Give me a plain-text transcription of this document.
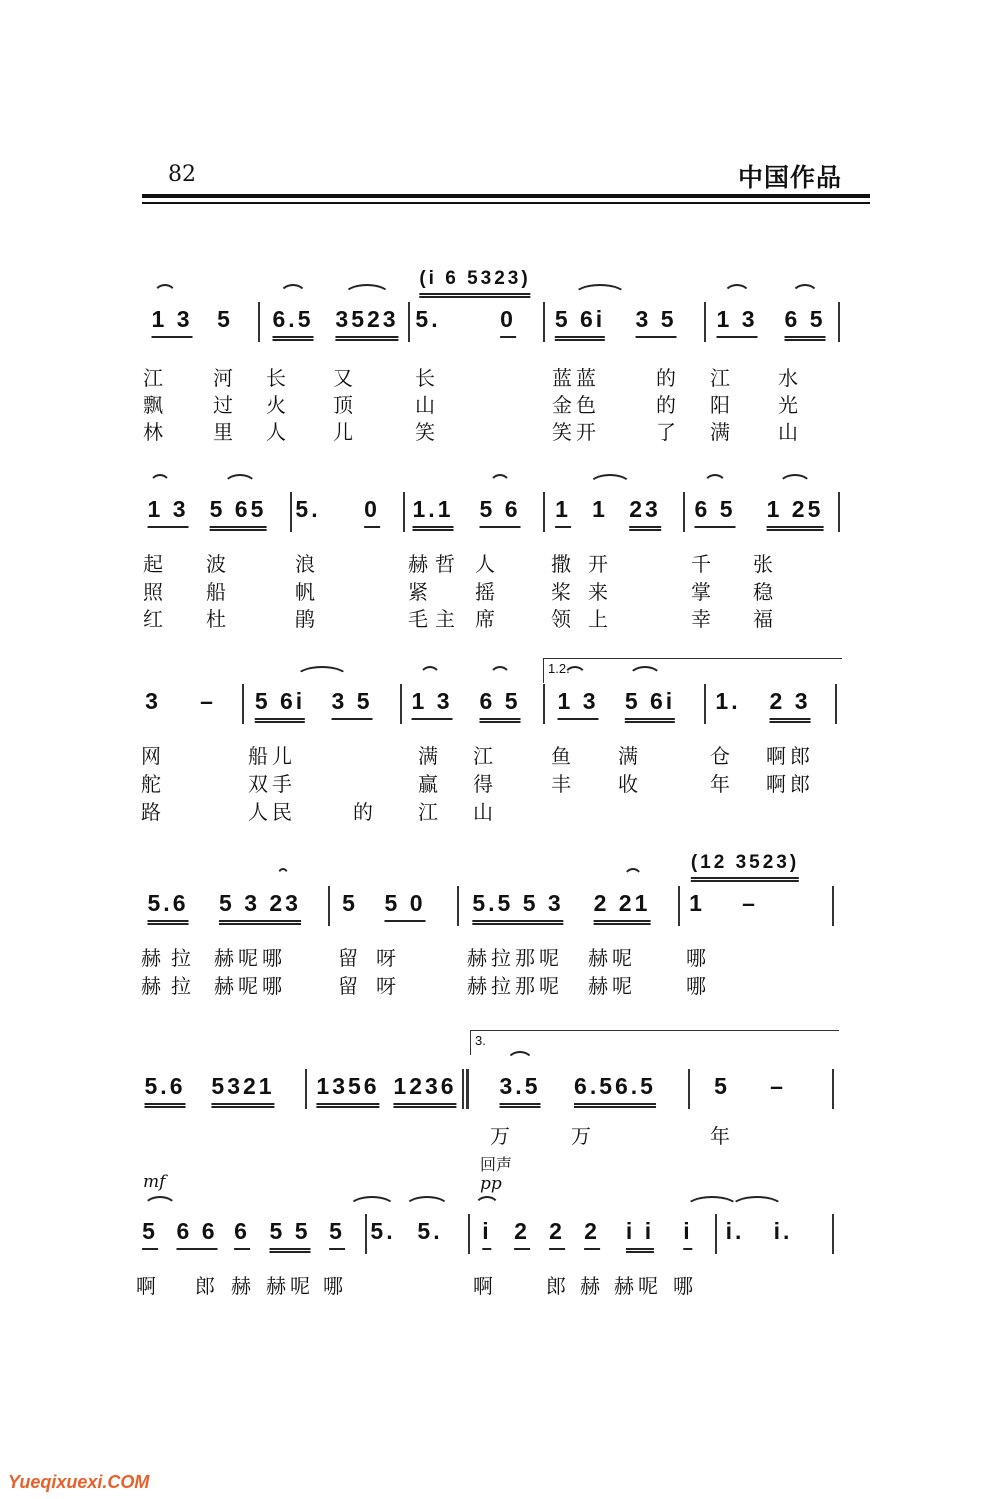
82	中国作品
Yueqixuexi.COM
1 3 5 6.5 3523 5.	0 5 6i 3 5 1 3 6 5
江 河 长 又	长	蓝蓝	的 江 水
飘 过 火 顶	山	金色	的 阳 光
林 里 人 儿	笑	笑开	了 满 山
1 3 5 65 5. 0 1.1 5 6 1 1 23 6 5 1 25
起 波	浪	赫 哲 人	撒 开	千 张
照 船	帆	紧 摇	桨 来	掌 稳
红 杜	鹃	毛 主 席	领 上	幸 福
3 – 5 6i 3 5 1 3 6 5 1 3 5 6i 1. 2 3
网	船儿	满 江	鱼 满	仓 啊郎
舵	双手	赢 得	丰 收	年 啊郎
路	人民	的 江 山
5.6 5 3 23 5 5 0 5.5 5 3 2 21 1 –
赫 拉 赫呢哪	留 呀	赫拉那呢 赫呢	哪
赫 拉 赫呢哪	留 呀	赫拉那呢 赫呢	哪
5.6 5321 1356 1236 3.5 6.56.5	5 –
万	万	年
5 6 6 6 5 5 5 5. 5. i 2 2 2 i i i i. i.
啊 郎 赫 赫呢 哪	啊 郎 赫 赫呢 哪
(i 6 5323)
(12 3523)
1.2.
3.
回声
mf	pp
